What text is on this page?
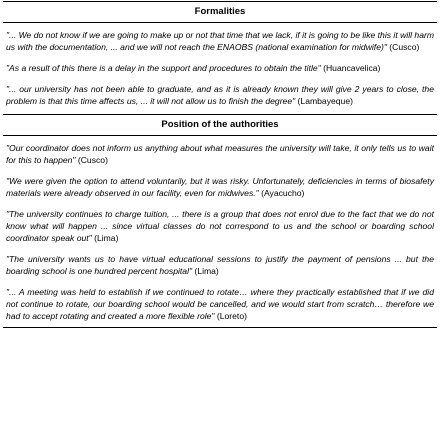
Formalities

"... We do not know if we are going to make up or not that time that we lack, if it is going to be like this it will harm us with the documentation, ... and we will not reach the ENAOBS (national examination for midwife)" (Cusco)

"As a result of this there is a delay in the support and procedures to obtain the title" (Huancavelica)

"... our university has not been able to graduate, and as it is already known they will give 2 years to close, the problem is that this time affects us, ... it will not allow us to finish the degree" (Lambayeque)

Position of the authorities

"Our coordinator does not inform us anything about what measures the university will take, it only tells us to wait for this to happen" (Cusco)

"We were given the option to attend voluntarily, but it was risky. Unfortunately, deficiencies in terms of biosafety materials were already observed in our facility, even for midwives." (Ayacucho)

"The university continues to charge tuition, ... there is a group that does not enrol due to the fact that we do not know what will happen ... since virtual classes do not correspond to us and the school or boarding school coordinator speak out" (Lima)

"The university wants us to have virtual educational sessions to justify the payment of pensions ... but the boarding school is one hundred percent hospital" (Lima)

"... A meeting was held to establish if we continued to rotate… where they practically established that if we did not continue to rotate, our boarding school would be cancelled, and we would start from scratch… therefore we had to accept rotating and created a more flexible role" (Loreto)
